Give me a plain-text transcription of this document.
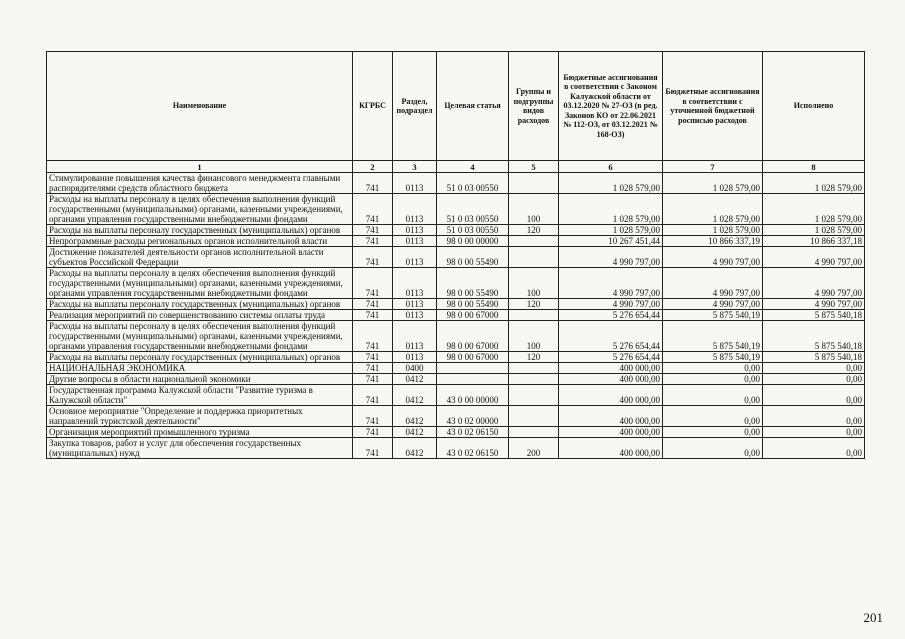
Наименование	КГРБС	Раздел, подраздел	Целевая статья	Группы и подгруппы видов расходов	Бюджетные ассигнования в соответствии с Законом Калужской области от 03.12.2020 № 27-ОЗ (в ред. Законов КО от 22.06.2021 № 112-ОЗ, от 03.12.2021 № 168-ОЗ)	Бюджетные ассигнования в соответствии с уточненной бюджетной росписью расходов	Исполнено
1	2	3	4	5	6	7	8
Стимулирование повышения качества финансового менеджмента главными распорядителями средств областного бюджета	741	0113	51 0 03 00550		1 028 579,00	1 028 579,00	1 028 579,00
Расходы на выплаты персоналу в целях обеспечения выполнения функций государственными (муниципальными) органами, казенными учреждениями, органами управления государственными внебюджетными фондами	741	0113	51 0 03 00550	100	1 028 579,00	1 028 579,00	1 028 579,00
Расходы на выплаты персоналу государственных (муниципальных) органов	741	0113	51 0 03 00550	120	1 028 579,00	1 028 579,00	1 028 579,00
Непрограммные расходы региональных органов исполнительной власти	741	0113	98 0 00 00000		10 267 451,44	10 866 337,19	10 866 337,18
Достижение показателей деятельности органов исполнительной власти субъектов Российской Федерации	741	0113	98 0 00 55490		4 990 797,00	4 990 797,00	4 990 797,00
Расходы на выплаты персоналу в целях обеспечения выполнения функций государственными (муниципальными) органами, казенными учреждениями, органами управления государственными внебюджетными фондами	741	0113	98 0 00 55490	100	4 990 797,00	4 990 797,00	4 990 797,00
Расходы на выплаты персоналу государственных (муниципальных) органов	741	0113	98 0 00 55490	120	4 990 797,00	4 990 797,00	4 990 797,00
Реализация мероприятий по совершенствованию системы оплаты труда	741	0113	98 0 00 67000		5 276 654,44	5 875 540,19	5 875 540,18
Расходы на выплаты персоналу в целях обеспечения выполнения функций государственными (муниципальными) органами, казенными учреждениями, органами управления государственными внебюджетными фондами	741	0113	98 0 00 67000	100	5 276 654,44	5 875 540,19	5 875 540,18
Расходы на выплаты персоналу государственных (муниципальных) органов	741	0113	98 0 00 67000	120	5 276 654,44	5 875 540,19	5 875 540,18
НАЦИОНАЛЬНАЯ ЭКОНОМИКА	741	0400			400 000,00	0,00	0,00
Другие вопросы в области национальной экономики	741	0412			400 000,00	0,00	0,00
Государственная программа Калужской области "Развитие туризма в Калужской области"	741	0412	43 0 00 00000		400 000,00	0,00	0,00
Основное мероприятие "Определение и поддержка приоритетных направлений туристской деятельности"	741	0412	43 0 02 00000		400 000,00	0,00	0,00
Организация мероприятий промышленного туризма	741	0412	43 0 02 06150		400 000,00	0,00	0,00
Закупка товаров, работ и услуг для обеспечения государственных (муниципальных) нужд	741	0412	43 0 02 06150	200	400 000,00	0,00	0,00
201
